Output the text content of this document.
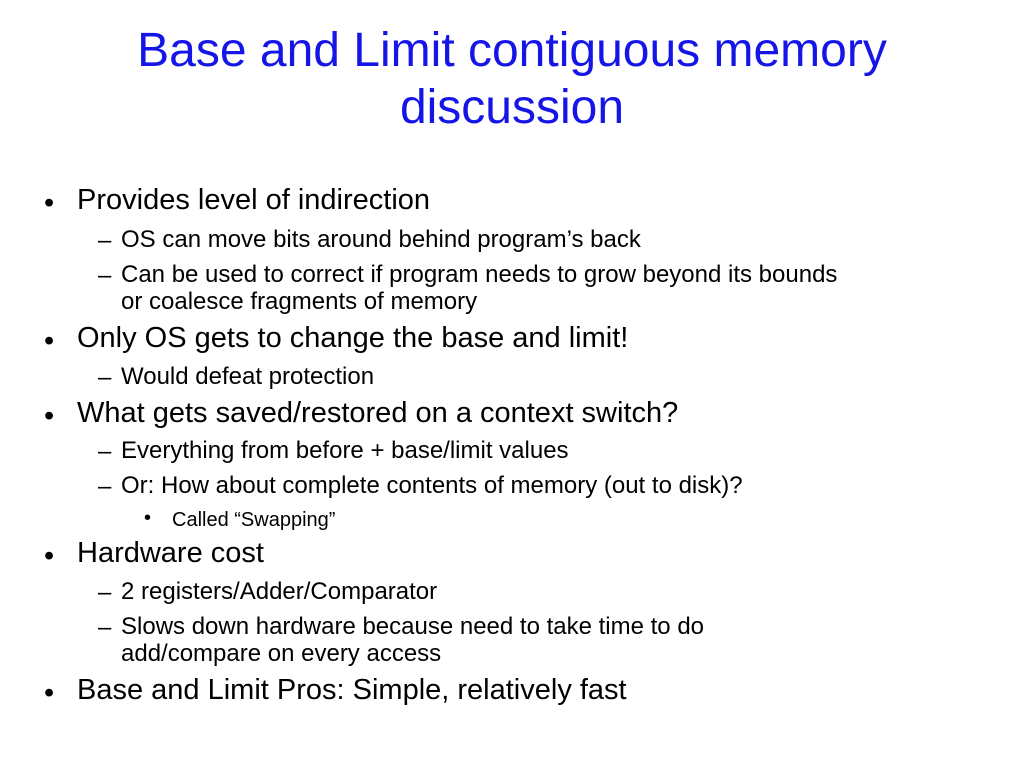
Base and Limit contiguous memory discussion
• Provides level of indirection
– OS can move bits around behind program’s back
– Can be used to correct if program needs to grow beyond its bounds
or coalesce fragments of memory
• Only OS gets to change the base and limit!
– Would defeat protection
• What gets saved/restored on a context switch?
– Everything from before + base/limit values
– Or: How about complete contents of memory (out to disk)?
• Called “Swapping”
• Hardware cost
– 2 registers/Adder/Comparator
– Slows down hardware because need to take time to do
add/compare on every access
• Base and Limit Pros: Simple, relatively fast
